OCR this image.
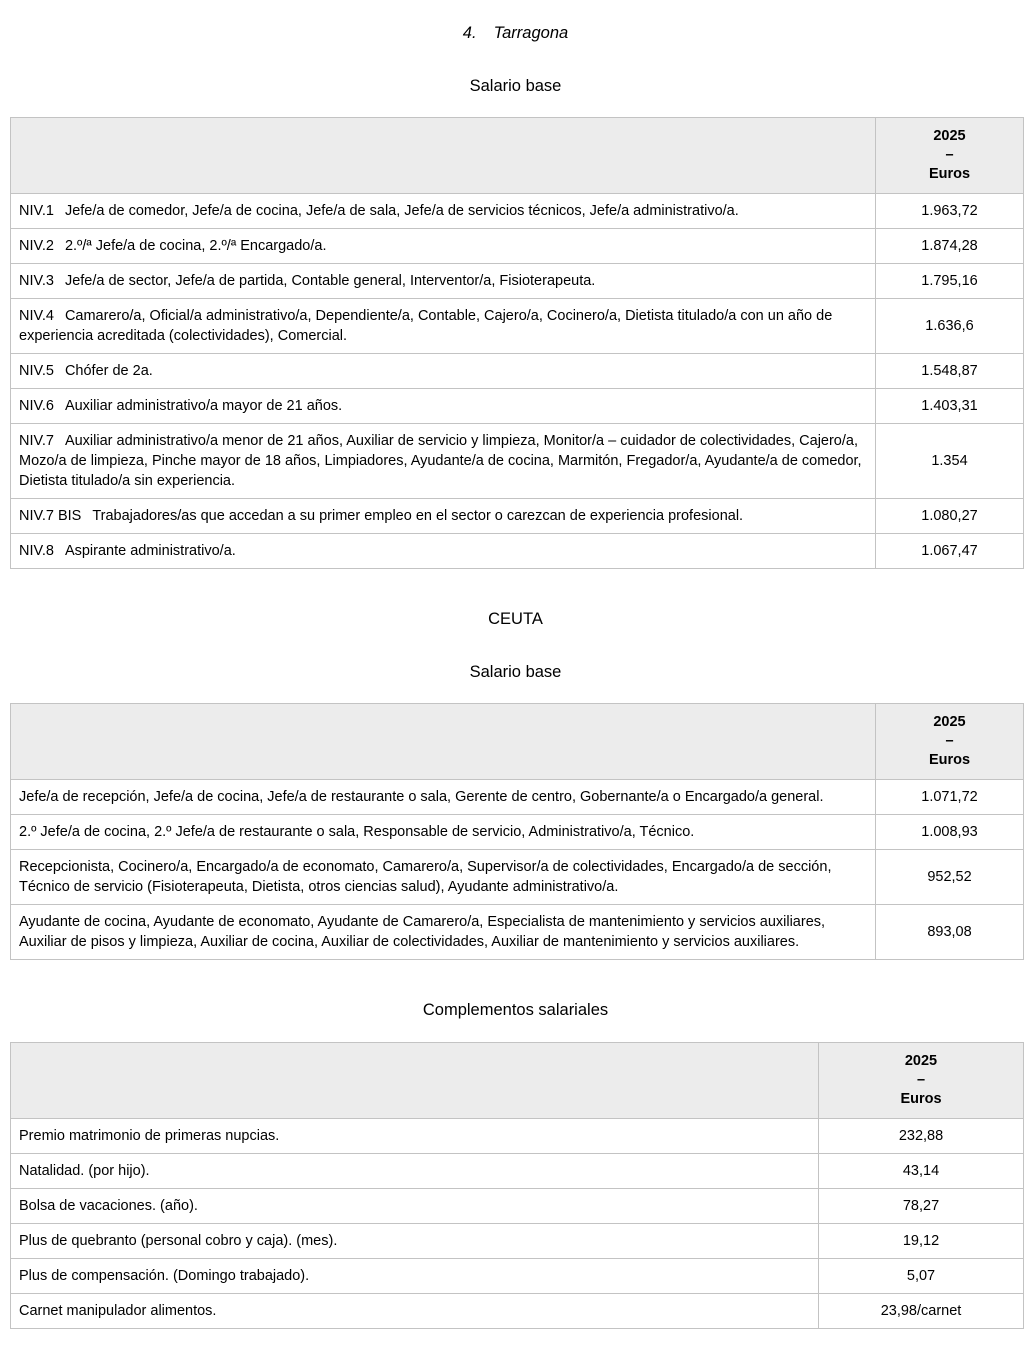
4. Tarragona
Salario base

	2025
–
Euros

NIV.1 Jefe/a de comedor, Jefe/a de cocina, Jefe/a de sala, Jefe/a de servicios técnicos, Jefe/a administrativo/a.	1.963,72
NIV.2 2.º/ª Jefe/a de cocina, 2.º/ª Encargado/a.	1.874,28
NIV.3 Jefe/a de sector, Jefe/a de partida, Contable general, Interventor/a, Fisioterapeuta.	1.795,16
NIV.4 Camarero/a, Oficial/a administrativo/a, Dependiente/a, Contable, Cajero/a, Cocinero/a, Dietista titulado/a con un año de experiencia acreditada (colectividades), Comercial.	1.636,6
NIV.5 Chófer de 2a.	1.548,87
NIV.6 Auxiliar administrativo/a mayor de 21 años.	1.403,31
NIV.7 Auxiliar administrativo/a menor de 21 años, Auxiliar de servicio y limpieza, Monitor/a – cuidador de colectividades, Cajero/a, Mozo/a de limpieza, Pinche mayor de 18 años, Limpiadores, Ayudante/a de cocina, Marmitón, Fregador/a, Ayudante/a de comedor, Dietista titulado/a sin experiencia.	1.354
NIV.7 BIS Trabajadores/as que accedan a su primer empleo en el sector o carezcan de experiencia profesional.	1.080,27
NIV.8 Aspirante administrativo/a.	1.067,47
CEUTA
Salario base

	2025
–
Euros

Jefe/a de recepción, Jefe/a de cocina, Jefe/a de restaurante o sala, Gerente de centro, Gobernante/a o Encargado/a general.	1.071,72
2.º Jefe/a de cocina, 2.º Jefe/a de restaurante o sala, Responsable de servicio, Administrativo/a, Técnico.	1.008,93
Recepcionista, Cocinero/a, Encargado/a de economato, Camarero/a, Supervisor/a de colectividades, Encargado/a de sección, Técnico de servicio (Fisioterapeuta, Dietista, otros ciencias salud), Ayudante administrativo/a.	952,52
Ayudante de cocina, Ayudante de economato, Ayudante de Camarero/a, Especialista de mantenimiento y servicios auxiliares, Auxiliar de pisos y limpieza, Auxiliar de cocina, Auxiliar de colectividades, Auxiliar de mantenimiento y servicios auxiliares.	893,08
Complementos salariales

	2025
–
Euros

Premio matrimonio de primeras nupcias.	232,88
Natalidad. (por hijo).	43,14
Bolsa de vacaciones. (año).	78,27
Plus de quebranto (personal cobro y caja). (mes).	19,12
Plus de compensación. (Domingo trabajado).	5,07
Carnet manipulador alimentos.	23,98/carnet
